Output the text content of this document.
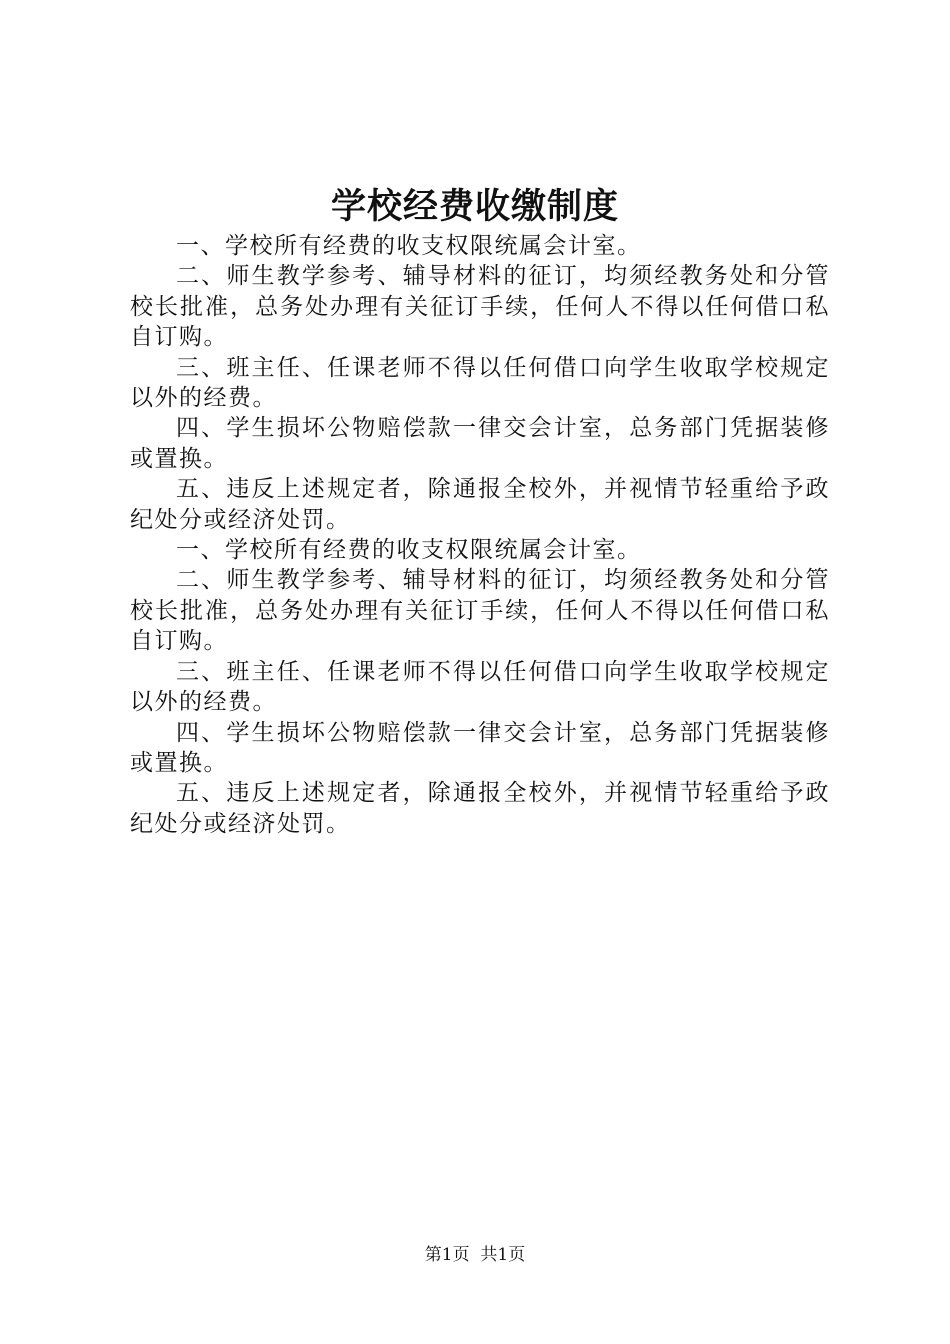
学校经费收缴制度

一、学校所有经费的收支权限统属会计室。

二、师生教学参考、辅导材料的征订，均须经教务处和分管校长批准，总务处办理有关征订手续，任何人不得以任何借口私自订购。

三、班主任、任课老师不得以任何借口向学生收取学校规定以外的经费。

四、学生损坏公物赔偿款一律交会计室，总务部门凭据装修或置换。

五、违反上述规定者，除通报全校外，并视情节轻重给予政纪处分或经济处罚。

一、学校所有经费的收支权限统属会计室。

二、师生教学参考、辅导材料的征订，均须经教务处和分管校长批准，总务处办理有关征订手续，任何人不得以任何借口私自订购。

三、班主任、任课老师不得以任何借口向学生收取学校规定以外的经费。

四、学生损坏公物赔偿款一律交会计室，总务部门凭据装修或置换。

五、违反上述规定者，除通报全校外，并视情节轻重给予政纪处分或经济处罚。

第1页 共1页
